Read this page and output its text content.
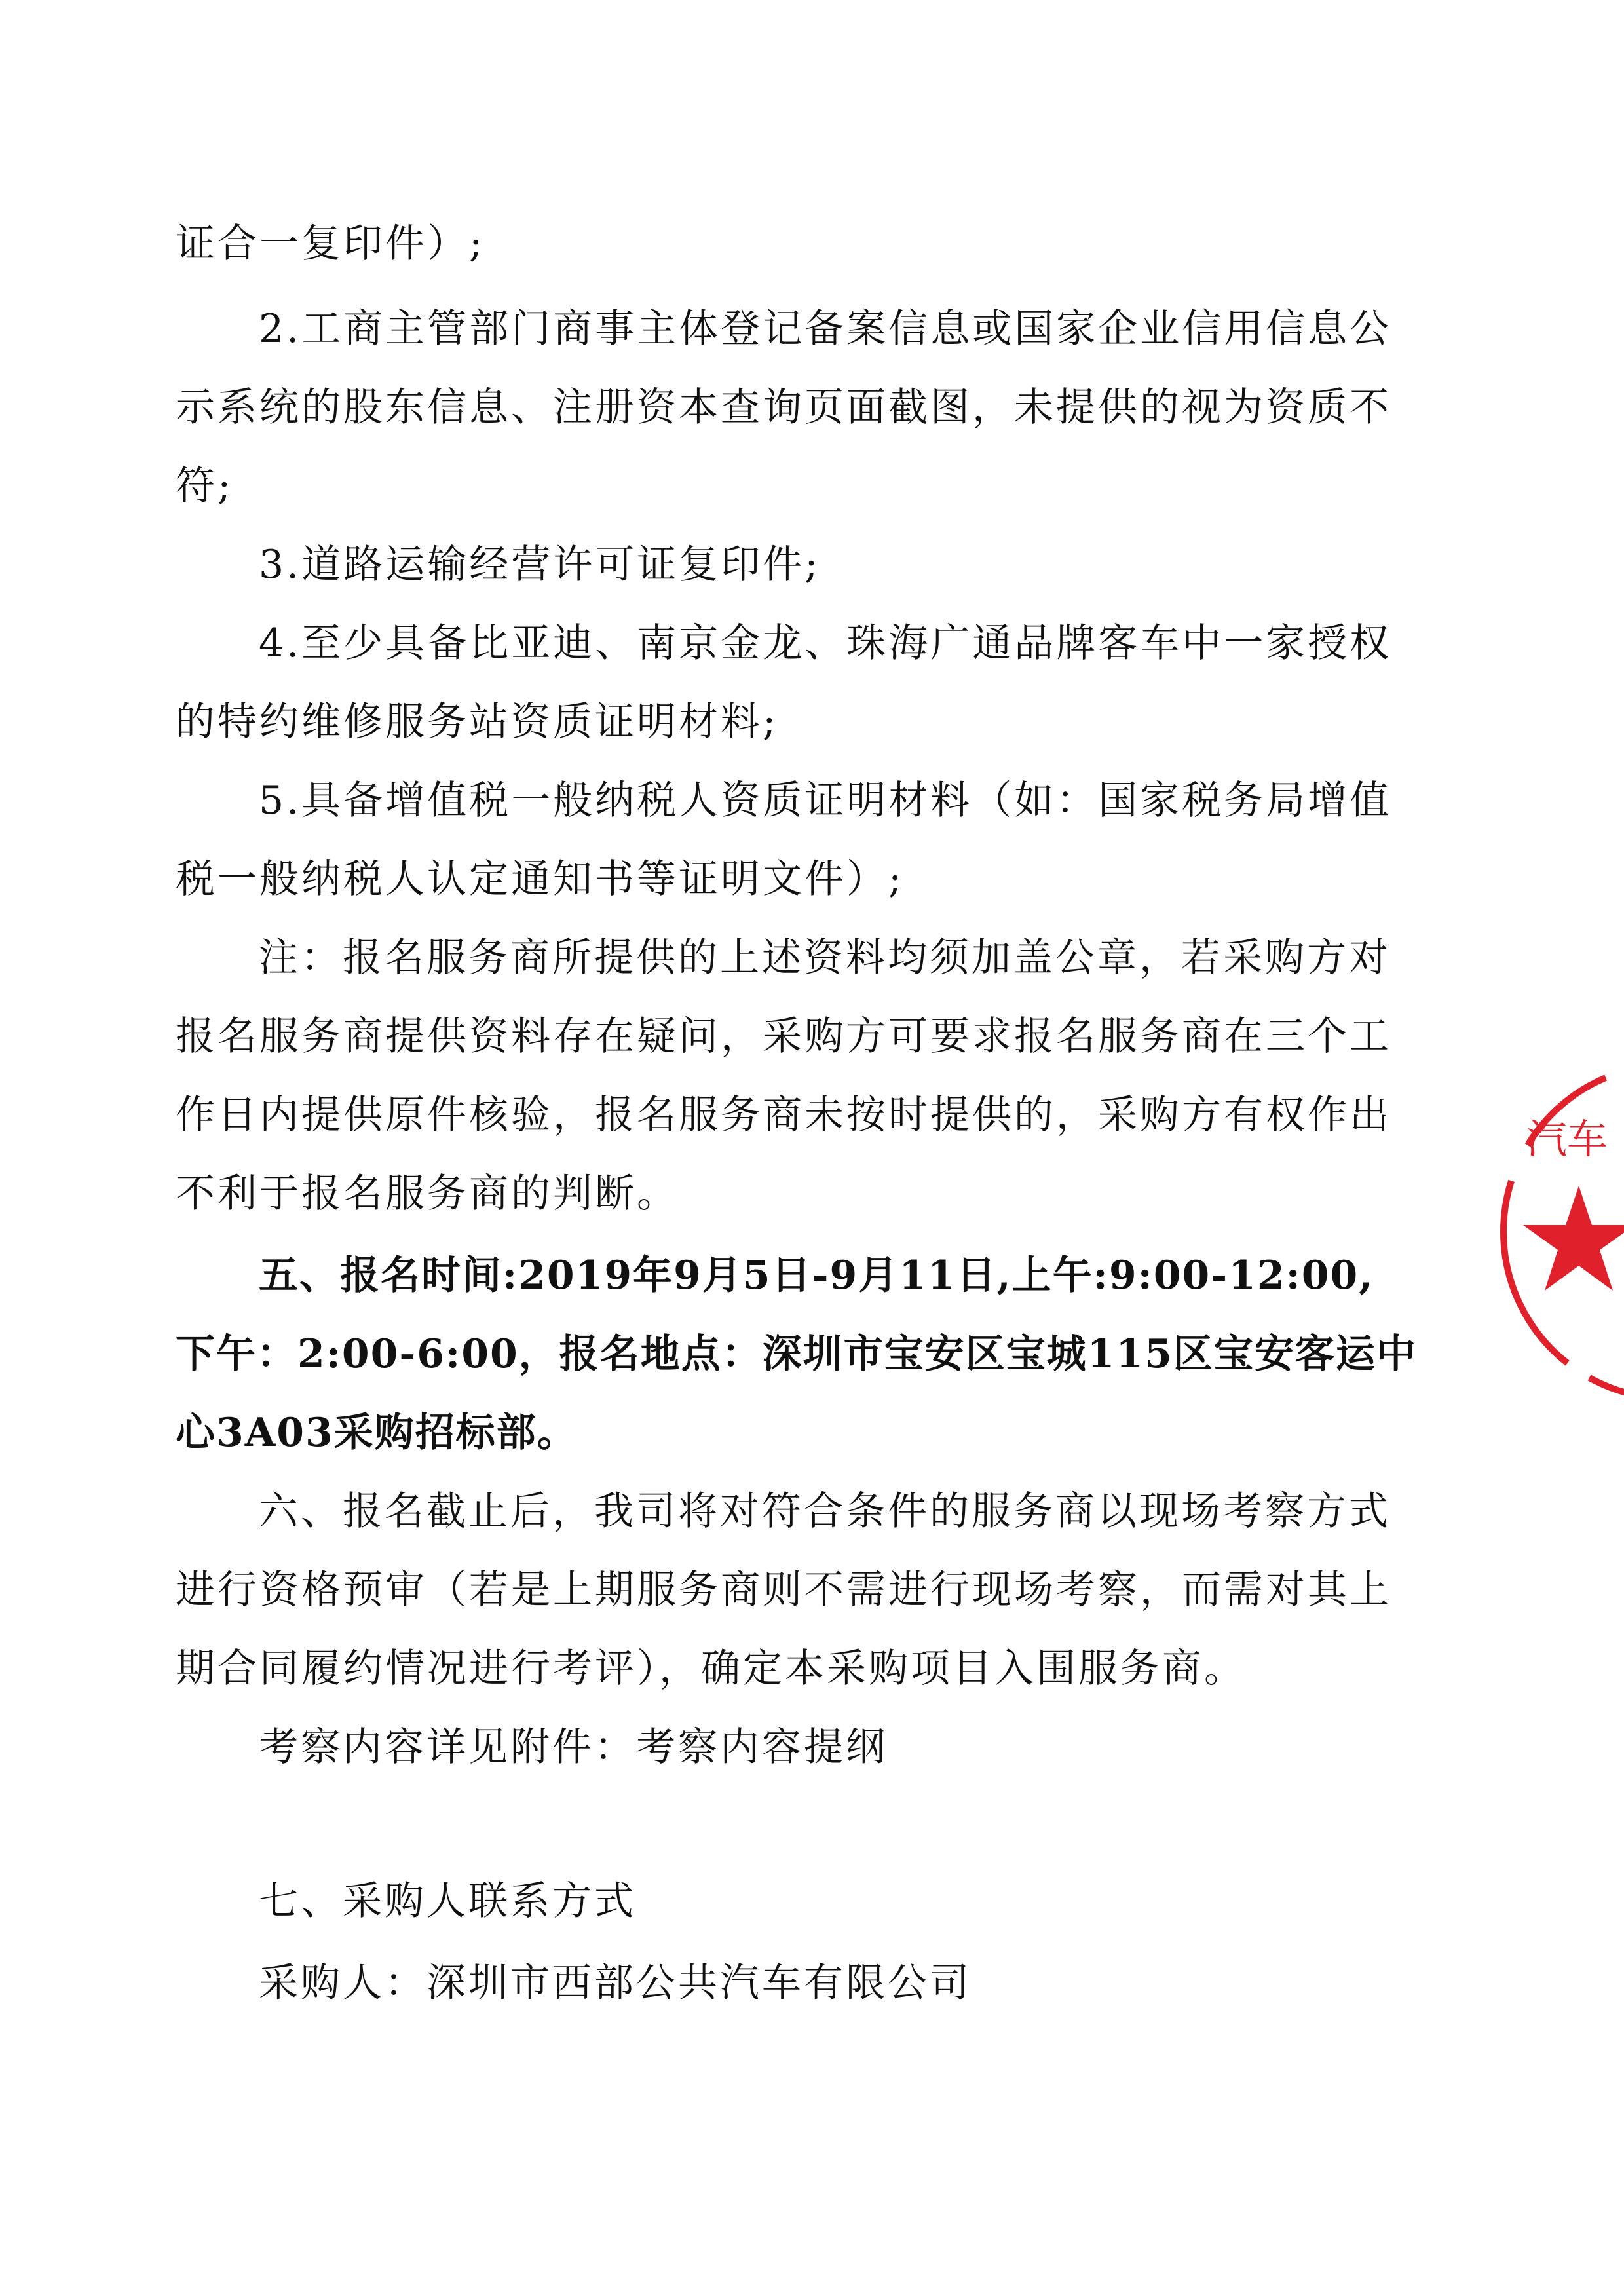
证合一复印件）;
2.工商主管部门商事主体登记备案信息或国家企业信用信息公
示系统的股东信息、注册资本查询页面截图，未提供的视为资质不
符;
3.道路运输经营许可证复印件;
4.至少具备比亚迪、南京金龙、珠海广通品牌客车中一家授权
的特约维修服务站资质证明材料;
5.具备增值税一般纳税人资质证明材料（如：国家税务局增值
税一般纳税人认定通知书等证明文件）;
注：报名服务商所提供的上述资料均须加盖公章，若采购方对
报名服务商提供资料存在疑问，采购方可要求报名服务商在三个工
作日内提供原件核验，报名服务商未按时提供的，采购方有权作出
不利于报名服务商的判断。
五、报名时间:2019年9月5日-9月11日,上午:9:00-12:00,
下午：2:00-6:00，报名地点：深圳市宝安区宝城115区宝安客运中
心3A03采购招标部。
六、报名截止后，我司将对符合条件的服务商以现场考察方式
进行资格预审（若是上期服务商则不需进行现场考察，而需对其上
期合同履约情况进行考评），确定本采购项目入围服务商。
考察内容详见附件：考察内容提纲
七、采购人联系方式
采购人：深圳市西部公共汽车有限公司
汽车
